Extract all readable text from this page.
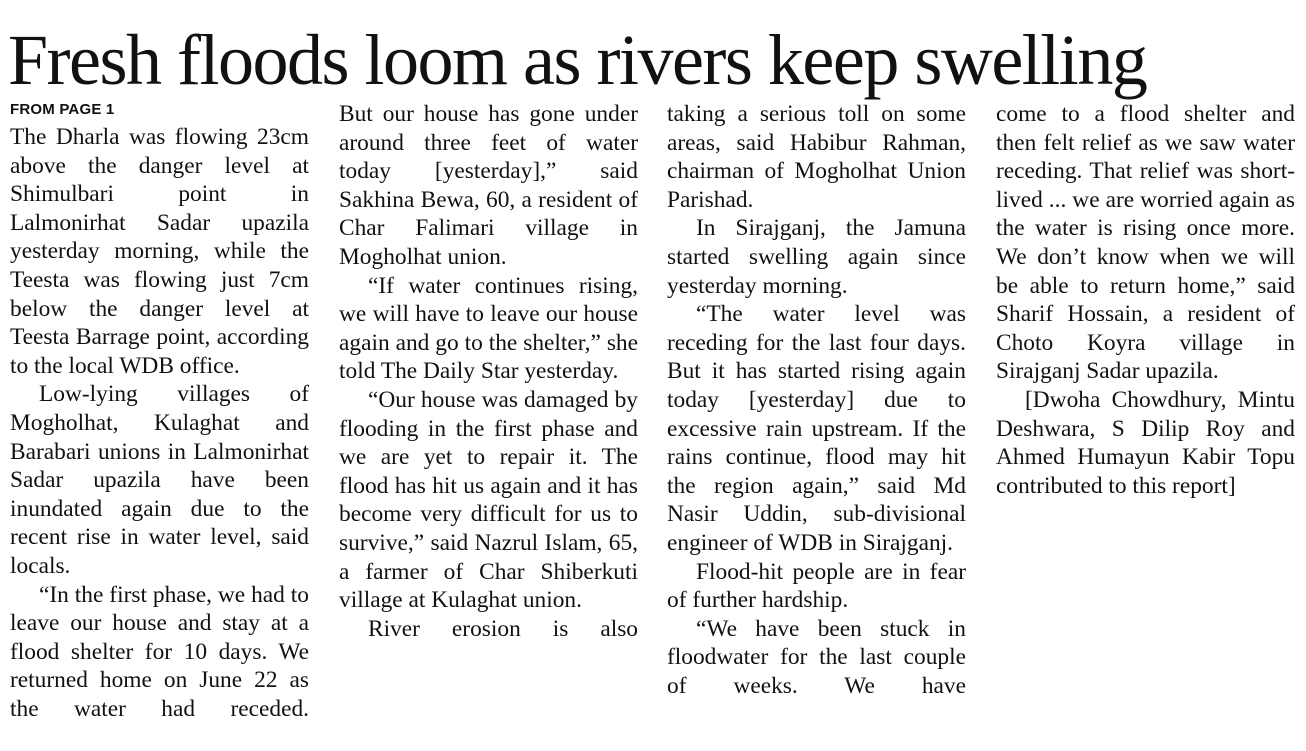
Fresh floods loom as rivers keep swelling
FROM PAGE 1

The Dharla was flowing 23cm above the danger level at Shimulbari point in Lalmonirhat Sadar upazila yesterday morning, while the Teesta was flowing just 7cm below the danger level at Teesta Barrage point, according to the local WDB office.

Low-lying villages of Mogholhat, Kulaghat and Barabari unions in Lalmonirhat Sadar upazila have been inundated again due to the recent rise in water level, said locals.

“In the first phase, we had to leave our house and stay at a flood shelter for 10 days. We returned home on June 22 as the water had receded.

But our house has gone under around three feet of water today [yesterday],” said Sakhina Bewa, 60, a resident of Char Falimari village in Mogholhat union.

“If water continues rising, we will have to leave our house again and go to the shelter,” she told The Daily Star yesterday.

“Our house was damaged by flooding in the first phase and we are yet to repair it. The flood has hit us again and it has become very difficult for us to survive,” said Nazrul Islam, 65, a farmer of Char Shiberkuti village at Kulaghat union.

River erosion is also

taking a serious toll on some areas, said Habibur Rahman, chairman of Mogholhat Union Parishad.

In Sirajganj, the Jamuna started swelling again since yesterday morning.

“The water level was receding for the last four days. But it has started rising again today [yesterday] due to excessive rain upstream. If the rains continue, flood may hit the region again,” said Md Nasir Uddin, sub-divisional engineer of WDB in Sirajganj.

Flood-hit people are in fear of further hardship.

“We have been stuck in floodwater for the last couple of weeks. We have

come to a flood shelter and then felt relief as we saw water receding. That relief was short-lived ... we are worried again as the water is rising once more. We don’t know when we will be able to return home,” said Sharif Hossain, a resident of Choto Koyra village in Sirajganj Sadar upazila.

[Dwoha Chowdhury, Mintu Deshwara, S Dilip Roy and Ahmed Humayun Kabir Topu contributed to this report]
